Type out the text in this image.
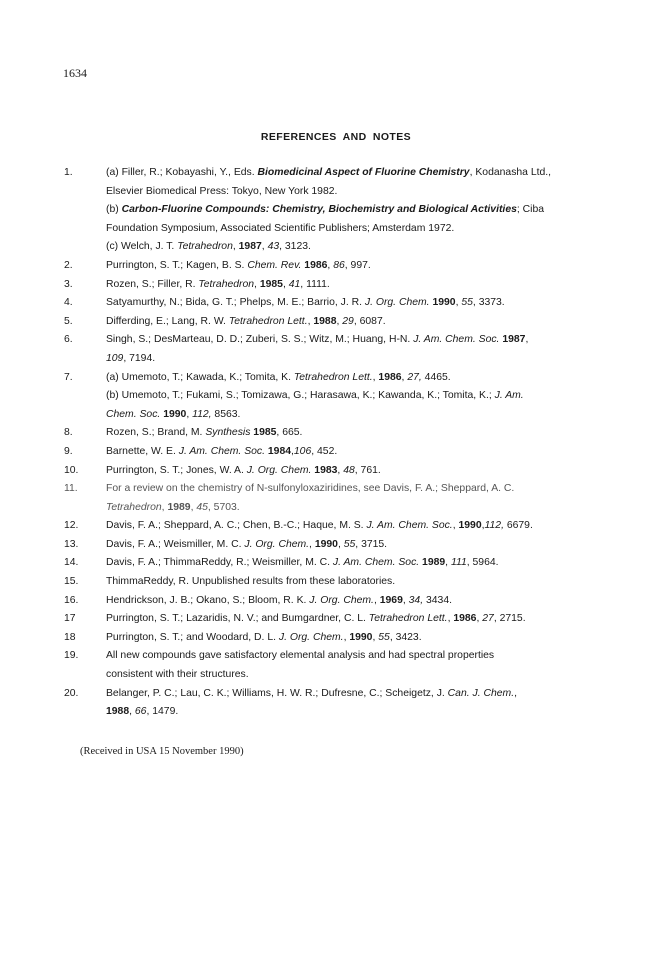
1634
REFERENCES AND NOTES
1.	(a) Filler, R.; Kobayashi, Y., Eds. Biomedicinal Aspect of Fluorine Chemistry, Kodanasha Ltd.,
Elsevier Biomedical Press: Tokyo, New York 1982.
(b) Carbon-Fluorine Compounds: Chemistry, Biochemistry and Biological Activities; Ciba
Foundation Symposium, Associated Scientific Publishers; Amsterdam 1972.
(c) Welch, J. T. Tetrahedron, 1987, 43, 3123.
2.	Purrington, S. T.; Kagen, B. S. Chem. Rev. 1986, 86, 997.
3.	Rozen, S.; Filler, R. Tetrahedron, 1985, 41, 1111.
4.	Satyamurthy, N.; Bida, G. T.; Phelps, M. E.; Barrio, J. R. J. Org. Chem. 1990, 55, 3373.
5.	Differding, E.; Lang, R. W. Tetrahedron Lett., 1988, 29, 6087.
6.	Singh, S.; DesMarteau, D. D.; Zuberi, S. S.; Witz, M.; Huang, H-N. J. Am. Chem. Soc. 1987,
109, 7194.
7.	(a) Umemoto, T.; Kawada, K.; Tomita, K. Tetrahedron Lett., 1986, 27, 4465.
(b) Umemoto, T.; Fukami, S.; Tomizawa, G.; Harasawa, K.; Kawanda, K.; Tomita, K.; J. Am.
Chem. Soc. 1990, 112, 8563.
8.	Rozen, S.; Brand, M. Synthesis 1985, 665.
9.	Barnette, W. E. J. Am. Chem. Soc. 1984,106, 452.
10.	Purrington, S. T.; Jones, W. A. J. Org. Chem. 1983, 48, 761.
11.	For a review on the chemistry of N-sulfonyloxaziridines, see Davis, F. A.; Sheppard, A. C.
Tetrahedron, 1989, 45, 5703.
12.	Davis, F. A.; Sheppard, A. C.; Chen, B.-C.; Haque, M. S. J. Am. Chem. Soc., 1990,112, 6679.
13.	Davis, F. A.; Weismiller, M. C. J. Org. Chem., 1990, 55, 3715.
14.	Davis, F. A.; ThimmaReddy, R.; Weismiller, M. C. J. Am. Chem. Soc. 1989, 111, 5964.
15.	ThimmaReddy, R. Unpublished results from these laboratories.
16.	Hendrickson, J. B.; Okano, S.; Bloom, R. K. J. Org. Chem., 1969, 34, 3434.
17	Purrington, S. T.; Lazaridis, N. V.; and Bumgardner, C. L. Tetrahedron Lett., 1986, 27, 2715.
18	Purrington, S. T.; and Woodard, D. L. J. Org. Chem., 1990, 55, 3423.
19.	All new compounds gave satisfactory elemental analysis and had spectral properties
consistent with their structures.
20.	Belanger, P. C.; Lau, C. K.; Williams, H. W. R.; Dufresne, C.; Scheigetz, J. Can. J. Chem.,
1988, 66, 1479.
(Received in USA 15 November 1990)
